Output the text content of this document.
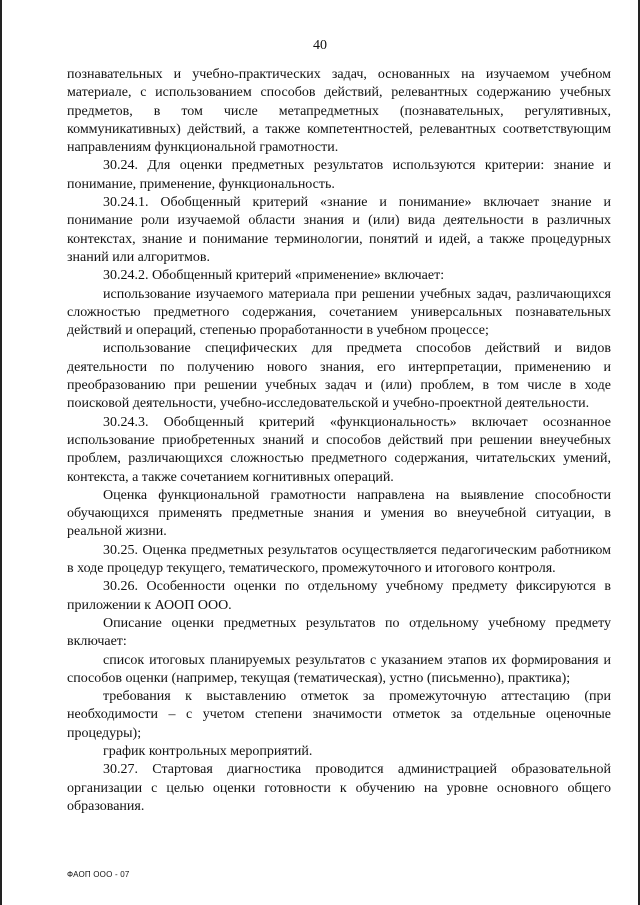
40

познавательных и учебно-практических задач, основанных на изучаемом учебном материале, с использованием способов действий, релевантных содержанию учебных предметов, в том числе метапредметных (познавательных, регулятивных, коммуникативных) действий, а также компетентностей, релевантных соответствующим направлениям функциональной грамотности.

30.24. Для оценки предметных результатов используются критерии: знание и понимание, применение, функциональность.

30.24.1. Обобщенный критерий «знание и понимание» включает знание и понимание роли изучаемой области знания и (или) вида деятельности в различных контекстах, знание и понимание терминологии, понятий и идей, а также процедурных знаний или алгоритмов.

30.24.2. Обобщенный критерий «применение» включает:

использование изучаемого материала при решении учебных задач, различающихся сложностью предметного содержания, сочетанием универсальных познавательных действий и операций, степенью проработанности в учебном процессе;

использование специфических для предмета способов действий и видов деятельности по получению нового знания, его интерпретации, применению и преобразованию при решении учебных задач и (или) проблем, в том числе в ходе поисковой деятельности, учебно-исследовательской и учебно-проектной деятельности.

30.24.3. Обобщенный критерий «функциональность» включает осознанное использование приобретенных знаний и способов действий при решении внеучебных проблем, различающихся сложностью предметного содержания, читательских умений, контекста, а также сочетанием когнитивных операций.

Оценка функциональной грамотности направлена на выявление способности обучающихся применять предметные знания и умения во внеучебной ситуации, в реальной жизни.

30.25. Оценка предметных результатов осуществляется педагогическим работником в ходе процедур текущего, тематического, промежуточного и итогового контроля.

30.26. Особенности оценки по отдельному учебному предмету фиксируются в приложении к АООП ООО.

Описание оценки предметных результатов по отдельному учебному предмету включает:

список итоговых планируемых результатов с указанием этапов их формирования и способов оценки (например, текущая (тематическая), устно (письменно), практика);

требования к выставлению отметок за промежуточную аттестацию (при необходимости – с учетом степени значимости отметок за отдельные оценочные процедуры);

график контрольных мероприятий.

30.27. Стартовая диагностика проводится администрацией образовательной организации с целью оценки готовности к обучению на уровне основного общего образования.

ФАОП ООО - 07
